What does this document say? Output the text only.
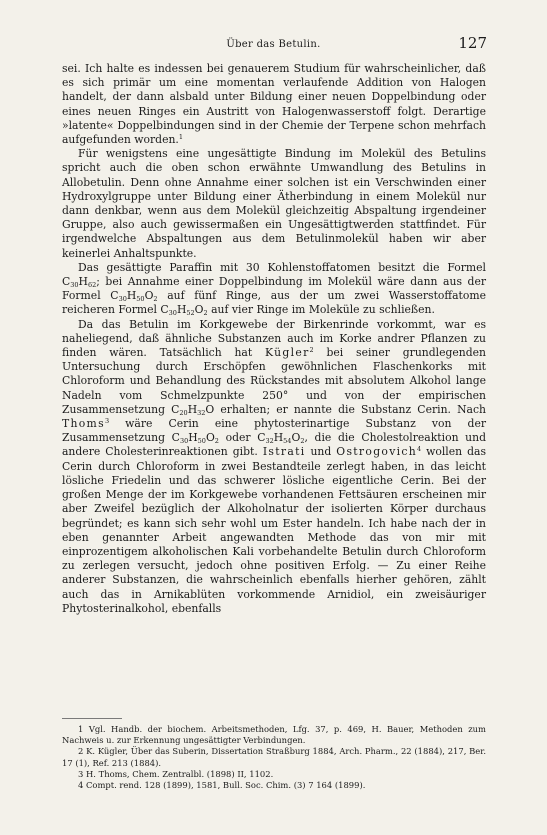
Über das Betulin.	127

sei. Ich halte es indessen bei genauerem Studium für wahrscheinlicher, daß es sich primär um eine momentan verlaufende Addition von Halogen handelt, der dann alsbald unter Bildung einer neuen Doppelbindung oder eines neuen Ringes ein Austritt von Halogenwasserstoff folgt. Derartige »latente« Doppelbindungen sind in der Chemie der Terpene schon mehrfach aufgefunden worden.$^1$

Für wenigstens eine ungesättigte Bindung im Molekül des Betulins spricht auch die oben schon erwähnte Umwandlung des Betulins in Allobetulin. Denn ohne Annahme einer solchen ist ein Verschwinden einer Hydroxylgruppe unter Bildung einer Ätherbindung in einem Molekül nur dann denkbar, wenn aus dem Molekül gleichzeitig Abspaltung irgendeiner Gruppe, also auch gewissermaßen ein Ungesättigtwerden stattfindet. Für irgendwelche Abspaltungen aus dem Betulinmolekül haben wir aber keinerlei Anhaltspunkte.

Das gesättigte Paraffin mit 30 Kohlenstoffatomen besitzt die Formel $C_{30}H_{62}$; bei Annahme einer Doppelbindung im Molekül wäre dann aus der Formel $C_{30}H_{50}O_2$ auf fünf Ringe, aus der um zwei Wasserstoffatome reicheren Formel $C_{30}H_{52}O_2$ auf vier Ringe im Moleküle zu schließen.

Da das Betulin im Korkgewebe der Birkenrinde vorkommt, war es naheliegend, daß ähnliche Substanzen auch im Korke andrer Pflanzen zu finden wären. Tatsächlich hat Kügler$^2$ bei seiner grundlegenden Untersuchung durch Erschöpfen gewöhnlichen Flaschenkorks mit Chloroform und Behandlung des Rückstandes mit absolutem Alkohol lange Nadeln vom Schmelzpunkte 250° und von der empirischen Zusammensetzung $C_{20}H_{32}O$ erhalten; er nannte die Substanz Cerin. Nach Thoms$^3$ wäre Cerin eine phytosterinartige Substanz von der Zusammensetzung $C_{30}H_{50}O_2$ oder $C_{32}H_{54}O_2$, die die Cholestolreaktion und andere Cholesterinreaktionen gibt. Istrati und Ostrogovich$^4$ wollen das Cerin durch Chloroform in zwei Bestandteile zerlegt haben, in das leicht lösliche Friedelin und das schwerer lösliche eigentliche Cerin. Bei der großen Menge der im Korkgewebe vorhandenen Fettsäuren erscheinen mir aber Zweifel bezüglich der Alkoholnatur der isolierten Körper durchaus begründet; es kann sich sehr wohl um Ester handeln. Ich habe nach der in eben genannter Arbeit angewandten Methode das von mir mit einprozentigem alkoholischen Kali vorbehandelte Betulin durch Chloroform zu zerlegen versucht, jedoch ohne positiven Erfolg. — Zu einer Reihe anderer Substanzen, die wahrscheinlich ebenfalls hierher gehören, zählt auch das in Arnikablüten vorkommende Arnidiol, ein zweisäuriger Phytosterinalkohol, ebenfalls

1 Vgl. Handb. der biochem. Arbeitsmethoden, Lfg. 37, p. 469, H. Bauer, Methoden zum Nachweis u. zur Erkennung ungesättigter Verbindungen.
2 K. Kügler, Über das Suberin, Dissertation Straßburg 1884, Arch. Pharm., 22 (1884), 217, Ber. 17 (1), Ref. 213 (1884).
3 H. Thoms, Chem. Zentralbl. (1898) II, 1102.
4 Compt. rend. 128 (1899), 1581, Bull. Soc. Chim. (3) 7 164 (1899).
